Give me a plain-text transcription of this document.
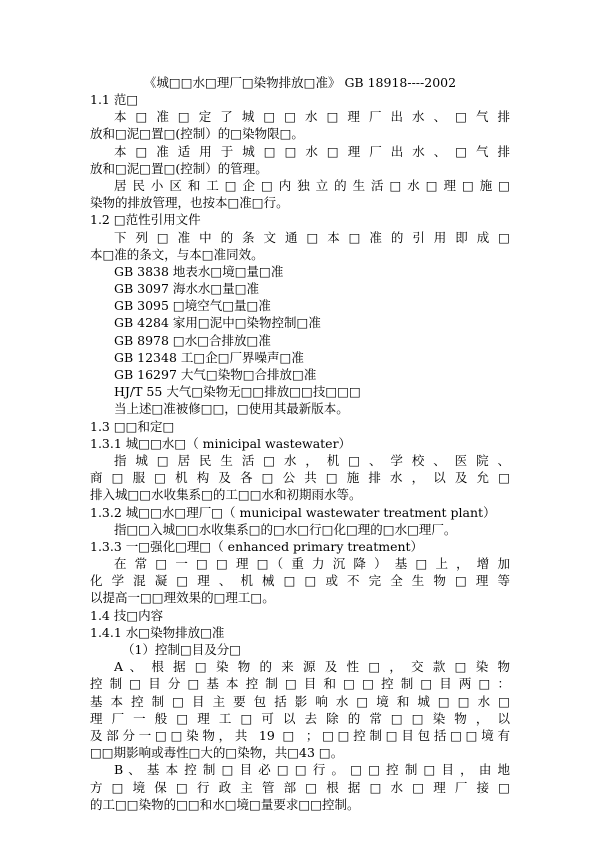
《城□□水□理厂□染物排放□准》 GB 18918----2002
1.1 范□
本 □ 准 □ 定 了 城 □ □ 水 □ 理 厂 出 水 、 □ 气 排
放和□泥□置□(控制）的□染物限□。
本 □ 准 适 用 于 城 □ □ 水 □ 理 厂 出 水 、 □ 气 排
放和□泥□置□(控制）的管理。
居 民 小 区 和 工 □ 企 □ 内 独 立 的 生 活 □ 水 □ 理 □ 施 □
染物的排放管理，也按本□准□行。
1.2 □范性引用文件
下 列 □ 准 中 的 条 文 通 □ 本 □ 准 的 引 用 即 成 □
本□准的条文，与本□准同效。
GB 3838 地表水□境□量□准
GB 3097 海水水□量□准
GB 3095 □境空气□量□准
GB 4284 家用□泥中□染物控制□准
GB 8978 □水□合排放□准
GB 12348 工□企□厂界噪声□准
GB 16297 大气□染物□合排放□准
HJ/T 55 大气□染物无□□排放□□技□□□
当上述□准被修□□，□使用其最新版本。
1.3 □□和定□
1.3.1 城□□水□（ minicipal wastewater）
指 城 □ 居 民 生 活 □ 水 ， 机 □ 、 学 校 、 医 院 、
商 □ 服 □ 机 构 及 各 □ 公 共 □ 施 排 水 ， 以 及 允 □
排入城□□水收集系□的工□□水和初期雨水等。
1.3.2 城□□水□理厂□（ municipal wastewater treatment plant）
指□□入城□□水收集系□的□水□行□化□理的□水□理厂。
1.3.3 一□强化□理□（ enhanced primary treatment）
在 常 □ 一 □ □ 理 □（ 重 力 沉 降 ） 基 □ 上 ， 增 加
化 学 混 凝 □ 理 、 机 械 □ □ 或 不 完 全 生 物 □ 理 等
以提高一□□理效果的□理工□。
1.4 技□内容
1.4.1 水□染物排放□准
（1）控制□目及分□
A 、 根 据 □ 染 物 的 来 源 及 性 □ ， 交 款 □ 染 物
控 制 □ 目 分 □ 基 本 控 制 □ 目 和 □ □ 控 制 □ 目 两 □ ：
基 本 控 制 □ 目 主 要 包 括 影 响 水 □ 境 和 城 □ □ 水 □
理 厂 一 般 □ 理 工 □ 可 以 去 除 的 常 □ □ 染 物 ， 以
及部分一□□染物，共 19 □ ；□□控制□目包括□□境有
□□期影响或毒性□大的□染物，共□43 □。
B 、 基 本 控 制 □ 目 必 □ □ 行 。 □ □ 控 制 □ 目 ， 由 地
方 □ 境 保 □ 行 政 主 管 部 □ 根 据 □ 水 □ 理 厂 接 □
的工□□染物的□□和水□境□量要求□□控制。
